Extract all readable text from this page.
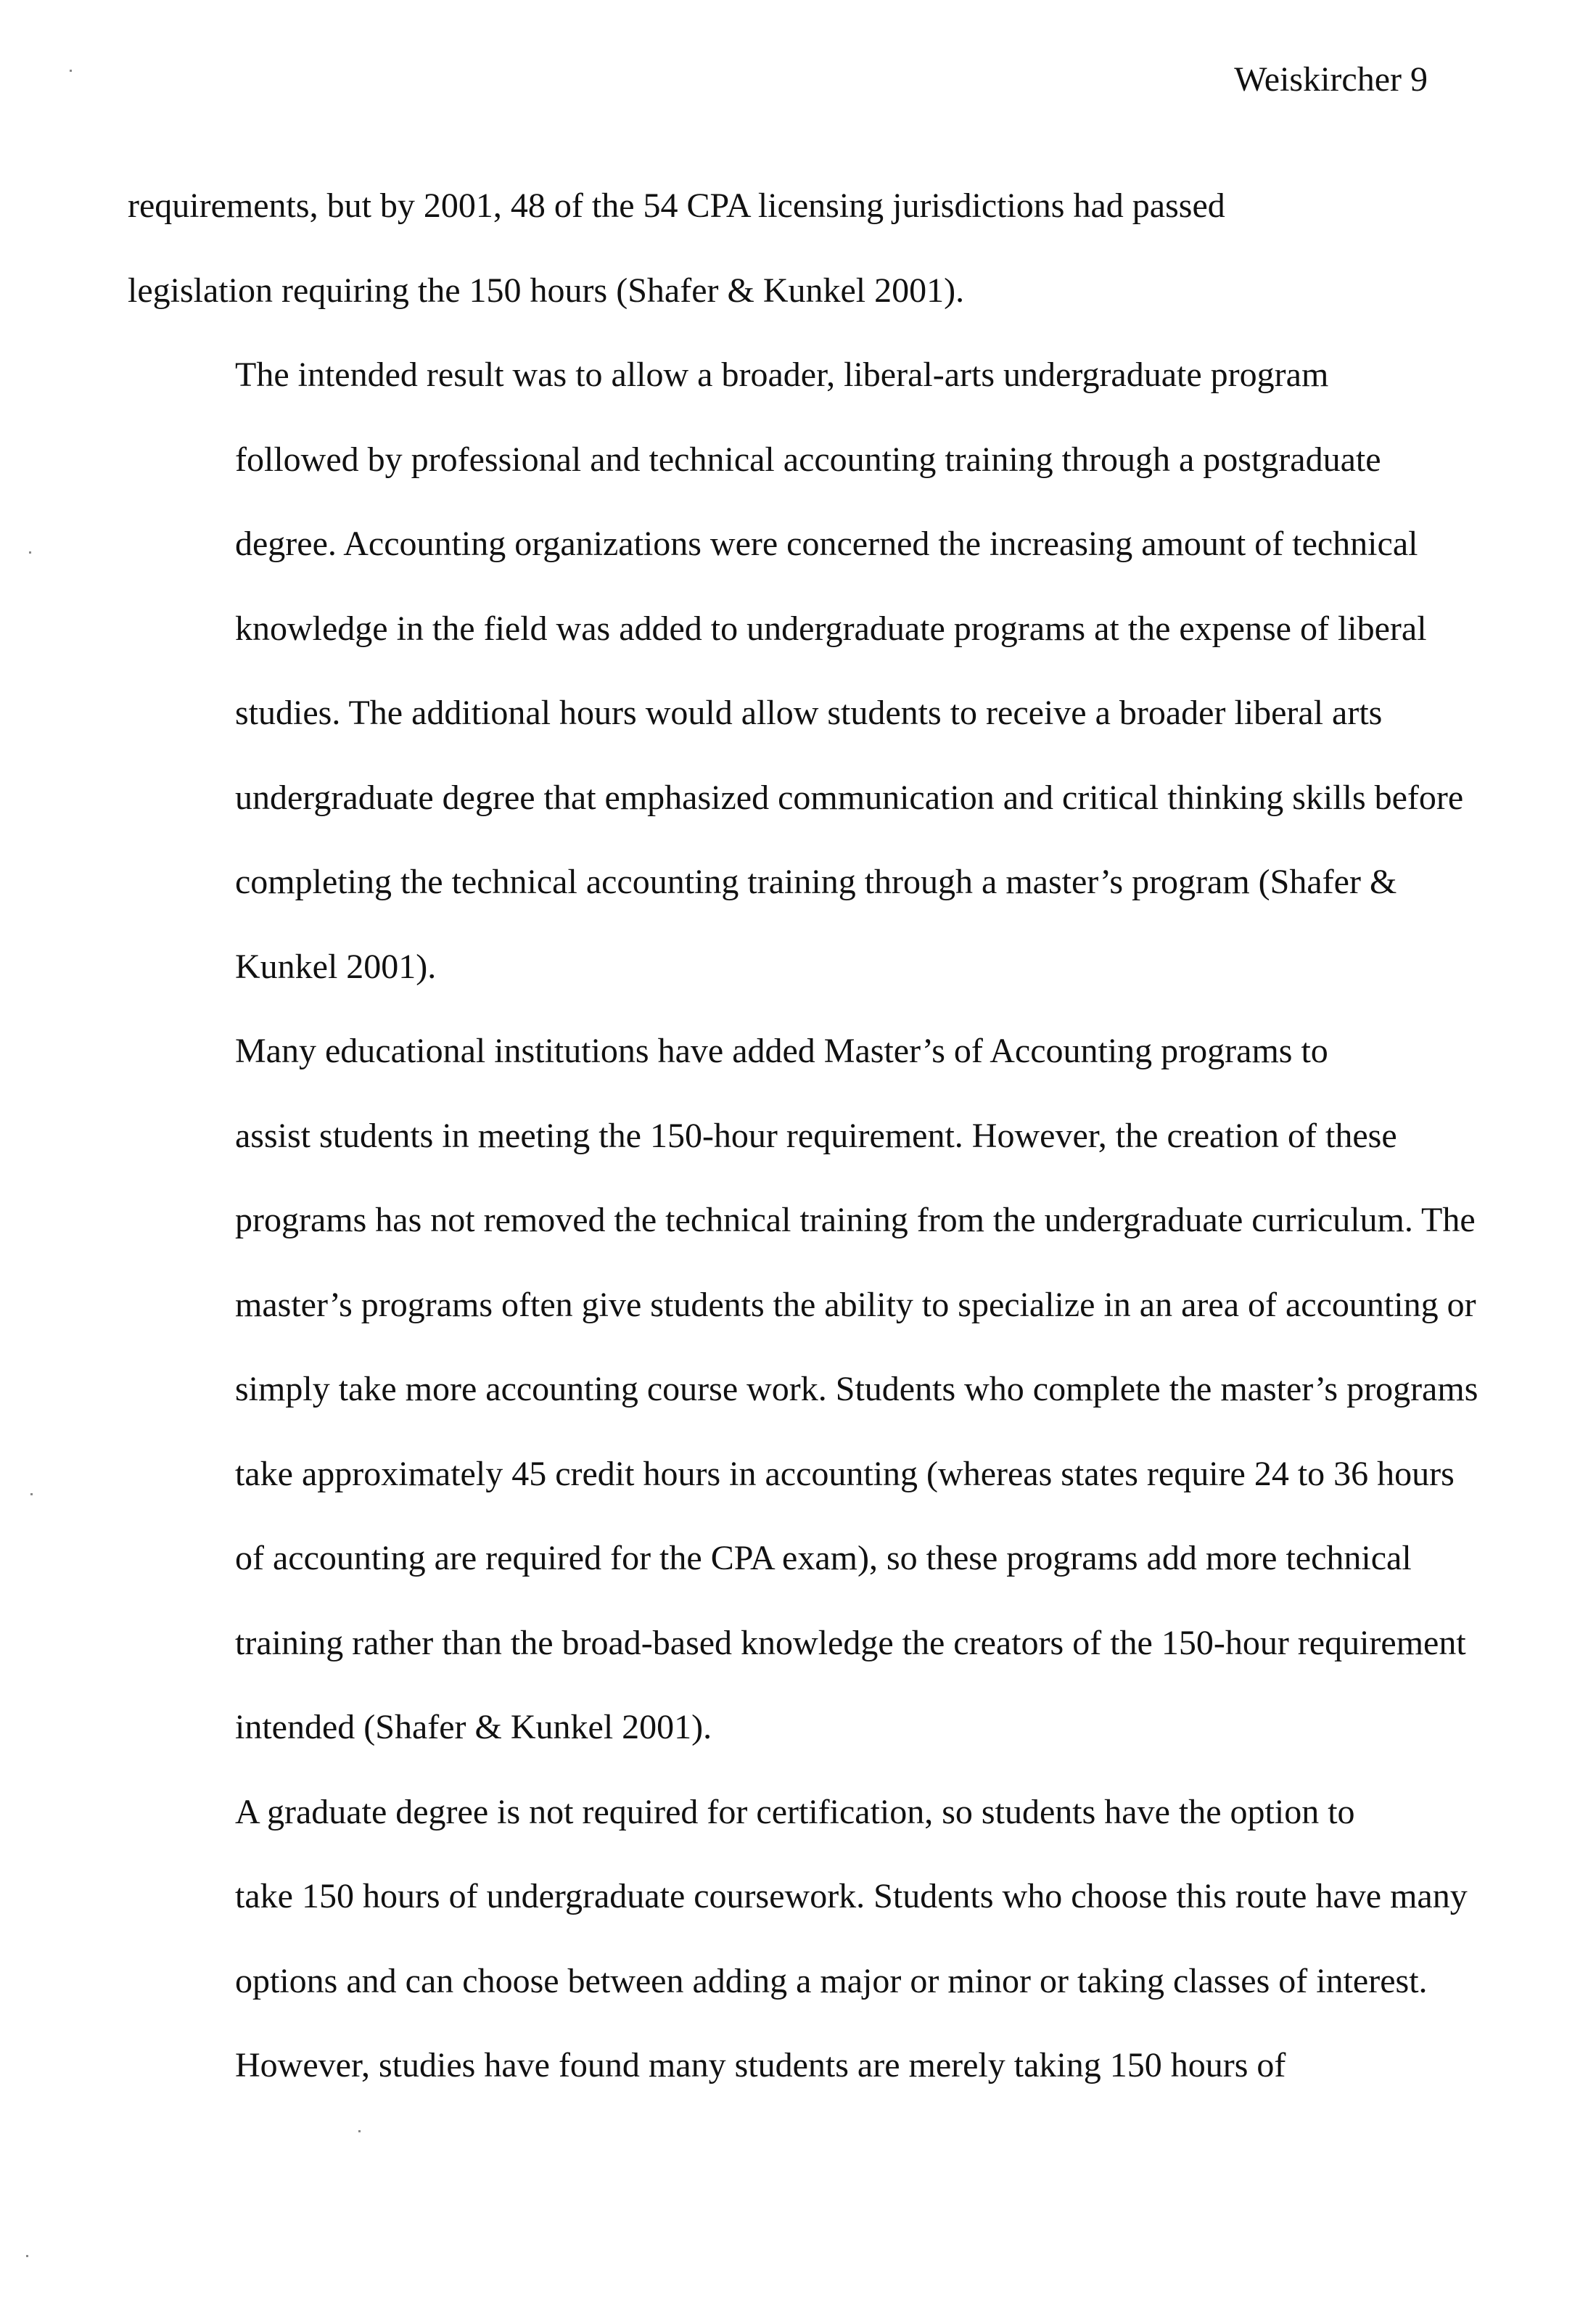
Weiskircher 9

requirements, but by 2001, 48 of the 54 CPA licensing jurisdictions had passed
legislation requiring the 150 hours (Shafer & Kunkel 2001).

The intended result was to allow a broader, liberal-arts undergraduate program
followed by professional and technical accounting training through a postgraduate
degree. Accounting organizations were concerned the increasing amount of technical
knowledge in the field was added to undergraduate programs at the expense of liberal
studies. The additional hours would allow students to receive a broader liberal arts
undergraduate degree that emphasized communication and critical thinking skills before
completing the technical accounting training through a master’s program (Shafer &
Kunkel 2001).

Many educational institutions have added Master’s of Accounting programs to
assist students in meeting the 150-hour requirement. However, the creation of these
programs has not removed the technical training from the undergraduate curriculum. The
master’s programs often give students the ability to specialize in an area of accounting or
simply take more accounting course work. Students who complete the master’s programs
take approximately 45 credit hours in accounting (whereas states require 24 to 36 hours
of accounting are required for the CPA exam), so these programs add more technical
training rather than the broad-based knowledge the creators of the 150-hour requirement
intended (Shafer & Kunkel 2001).

A graduate degree is not required for certification, so students have the option to
take 150 hours of undergraduate coursework. Students who choose this route have many
options and can choose between adding a major or minor or taking classes of interest.
However, studies have found many students are merely taking 150 hours of
